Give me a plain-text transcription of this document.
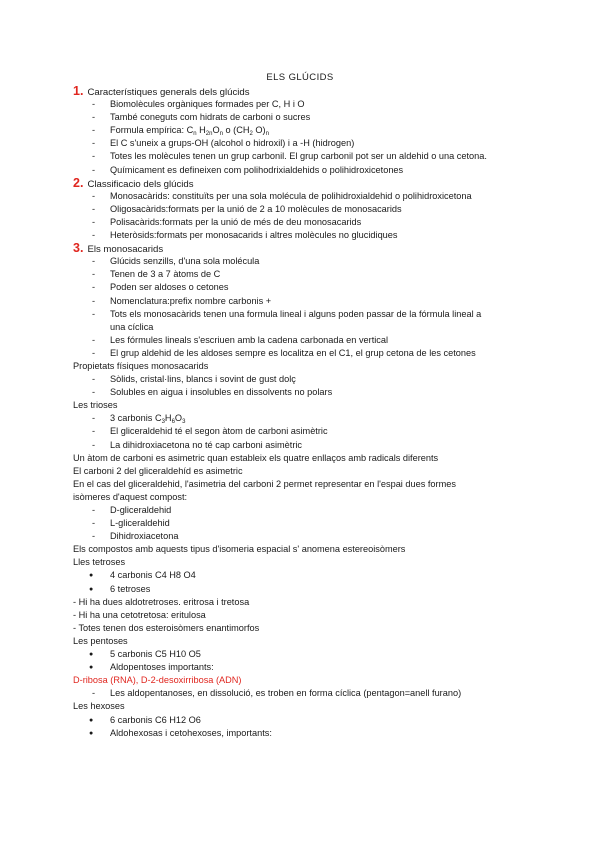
ELS GLÚCIDS
1. Característiques generals dels glúcids
- Biomolècules orgàniques formades per C, H i O
- També coneguts com hidrats de carboni o sucres
- Formula empírica: $C_n$ $H_{2n}O_n$ o ($CH_2$ $O)_n$
- El C s'uneix a grups-OH (alcohol o hidroxil) i a -H (hidrogen)
- Totes les molècules tenen un grup carbonil. El grup carbonil pot ser un aldehid o una cetona.
- Químicament es defineixen com polihodrixialdehids o polihidroxicetones
2. Classificacio dels glúcids
- Monosacàrids: constituïts per una sola molécula de polihidroxialdehid o polihidroxicetona
- Oligosacàrids:formats per la unió de 2 a 10 molècules de monosacarids
- Polisacàrids:formats per la unió de més de deu monosacarids
- Heteròsids:formats per monosacarids i altres molècules no glucidiques
3. Els monosacarids
- Glúcids senzills, d'una sola molécula
- Tenen de 3 a 7 àtoms de C
- Poden ser aldoses o cetones
- Nomenclatura:prefix nombre carbonis +
- Tots els monosacàrids tenen una formula lineal i alguns poden passar de la fórmula lineal a
una cíclica
- Les fórmules lineals s'escriuen amb la cadena carbonada en vertical
- El grup aldehid de les aldoses sempre es localitza en el C1, el grup cetona de les cetones
Propietats físiques monosacarids
- Sòlids, cristal·lins, blancs i sovint de gust dolç
- Solubles en aigua i insolubles en dissolvents no polars
Les trioses
- 3 carbonis $C_3H_6O_3$
- El gliceraldehid té el segon àtom de carboni asimètric
- La dihidroxiacetona no té cap carboni asimètric
Un àtom de carboni es asimetric quan estableix els quatre enllaços amb radicals diferents
El carboni 2 del gliceraldehíd es asimetric
En el cas del gliceraldehid, l'asimetria del carboni 2 permet representar en l'espai dues formes
isòmeres d'aquest compost:
- D-gliceraldehid
- L-gliceraldehid
- Dihidroxiacetona
Els compostos amb aquests tipus d'isomeria espacial s' anomena estereoisòmers
Lles tetroses
● 4 carbonis C4 H8 O4
● 6 tetroses
- Hi ha dues aldotretroses. eritrosa i tretosa
- Hi ha una cetotretosa: eritulosa
- Totes tenen dos esteroisòmers enantimorfos
Les pentoses
● 5 carbonis C5 H10 O5
● Aldopentoses importants:
D-ribosa (RNA), D-2-desoxirribosa (ADN)
- Les aldopentanoses, en dissolució, es troben en forma cíclica (pentagon=anell furano)
Les hexoses
● 6 carbonis C6 H12 O6
● Aldohexosas i cetohexoses, importants:
